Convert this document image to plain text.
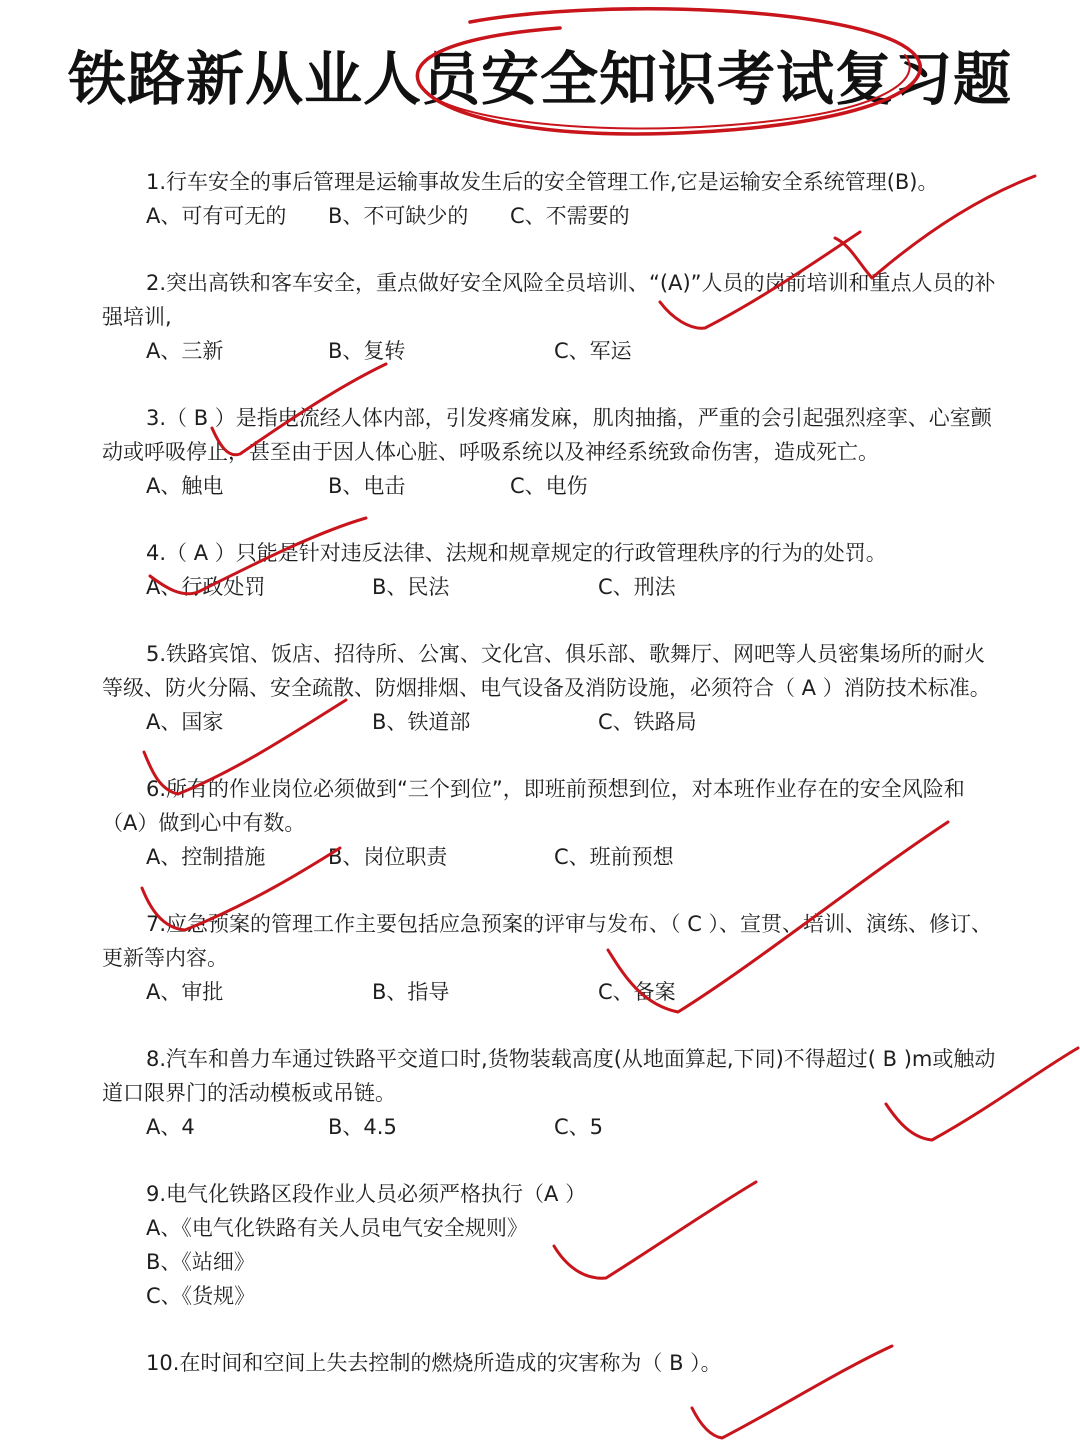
铁路新从业人员安全知识考试复习题

1.行车安全的事后管理是运输事故发生后的安全管理工作,它是运输安全系统管理(B)。

A、可有可无的	B、不可缺少的	C、不需要的

2.突出高铁和客车安全，重点做好安全风险全员培训、“(A)”人员的岗前培训和重点人员的补强培训,

A、三新	B、复转	C、军运

3.（ B ）是指电流经人体内部，引发疼痛发麻，肌肉抽搐，严重的会引起强烈痉挛、心室颤动或呼吸停止，甚至由于因人体心脏、呼吸系统以及神经系统致命伤害，造成死亡。

A、触电	B、电击	C、电伤

4.（ A ）只能是针对违反法律、法规和规章规定的行政管理秩序的行为的处罚。

A、行政处罚	B、民法	C、刑法

5.铁路宾馆、饭店、招待所、公寓、文化宫、俱乐部、歌舞厅、网吧等人员密集场所的耐火等级、防火分隔、安全疏散、防烟排烟、电气设备及消防设施，必须符合（ A ）消防技术标准。

A、国家	B、铁道部	C、铁路局

6.所有的作业岗位必须做到“三个到位”，即班前预想到位，对本班作业存在的安全风险和（A）做到心中有数。

A、控制措施	B、岗位职责	C、班前预想

7.应急预案的管理工作主要包括应急预案的评审与发布、（ C ）、宣贯、培训、演练、修订、更新等内容。

A、审批	B、指导	C、备案

8.汽车和兽力车通过铁路平交道口时,货物装载高度(从地面算起,下同)不得超过( B )m或触动道口限界门的活动模板或吊链。

A、4	B、4.5	C、5

9.电气化铁路区段作业人员必须严格执行（A ）

A、《电气化铁路有关人员电气安全规则》
B、《站细》
C、《货规》

10.在时间和空间上失去控制的燃烧所造成的灾害称为（ B ）。
